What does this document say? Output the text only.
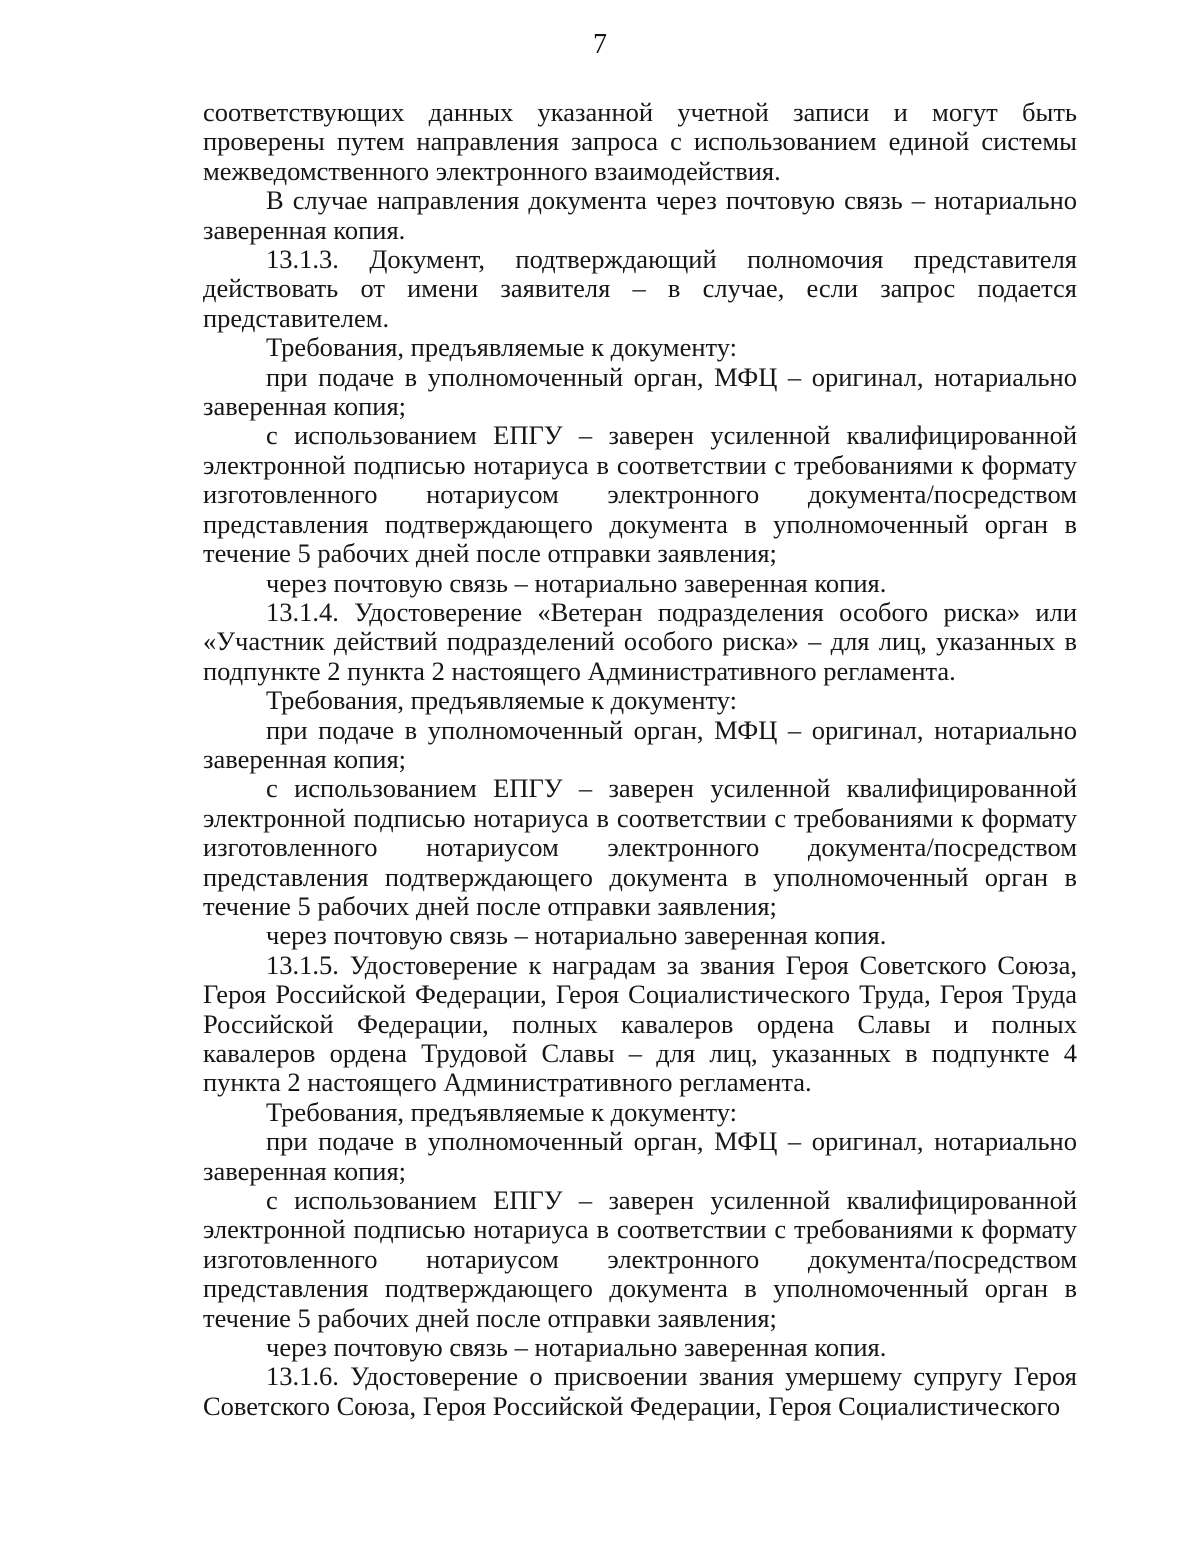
7

соответствующих данных указанной учетной записи и могут быть проверены путем направления запроса с использованием единой системы межведомственного электронного взаимодействия.

В случае направления документа через почтовую связь – нотариально заверенная копия.

13.1.3. Документ, подтверждающий полномочия представителя действовать от имени заявителя – в случае, если запрос подается представителем.

Требования, предъявляемые к документу:

при подаче в уполномоченный орган, МФЦ – оригинал, нотариально заверенная копия;

с использованием ЕПГУ – заверен усиленной квалифицированной электронной подписью нотариуса в соответствии с требованиями к формату изготовленного нотариусом электронного документа/посредством представления подтверждающего документа в уполномоченный орган в течение 5 рабочих дней после отправки заявления;

через почтовую связь – нотариально заверенная копия.

13.1.4. Удостоверение «Ветеран подразделения особого риска» или «Участник действий подразделений особого риска» – для лиц, указанных в подпункте 2 пункта 2 настоящего Административного регламента.

Требования, предъявляемые к документу:

при подаче в уполномоченный орган, МФЦ – оригинал, нотариально заверенная копия;

с использованием ЕПГУ – заверен усиленной квалифицированной электронной подписью нотариуса в соответствии с требованиями к формату изготовленного нотариусом электронного документа/посредством представления подтверждающего документа в уполномоченный орган в течение 5 рабочих дней после отправки заявления;

через почтовую связь – нотариально заверенная копия.

13.1.5. Удостоверение к наградам за звания Героя Советского Союза, Героя Российской Федерации, Героя Социалистического Труда, Героя Труда Российской Федерации, полных кавалеров ордена Славы и полных кавалеров ордена Трудовой Славы – для лиц, указанных в подпункте 4 пункта 2 настоящего Административного регламента.

Требования, предъявляемые к документу:

при подаче в уполномоченный орган, МФЦ – оригинал, нотариально заверенная копия;

с использованием ЕПГУ – заверен усиленной квалифицированной электронной подписью нотариуса в соответствии с требованиями к формату изготовленного нотариусом электронного документа/посредством представления подтверждающего документа в уполномоченный орган в течение 5 рабочих дней после отправки заявления;

через почтовую связь – нотариально заверенная копия.

13.1.6. Удостоверение о присвоении звания умершему супругу Героя Советского Союза, Героя Российской Федерации, Героя Социалистического
